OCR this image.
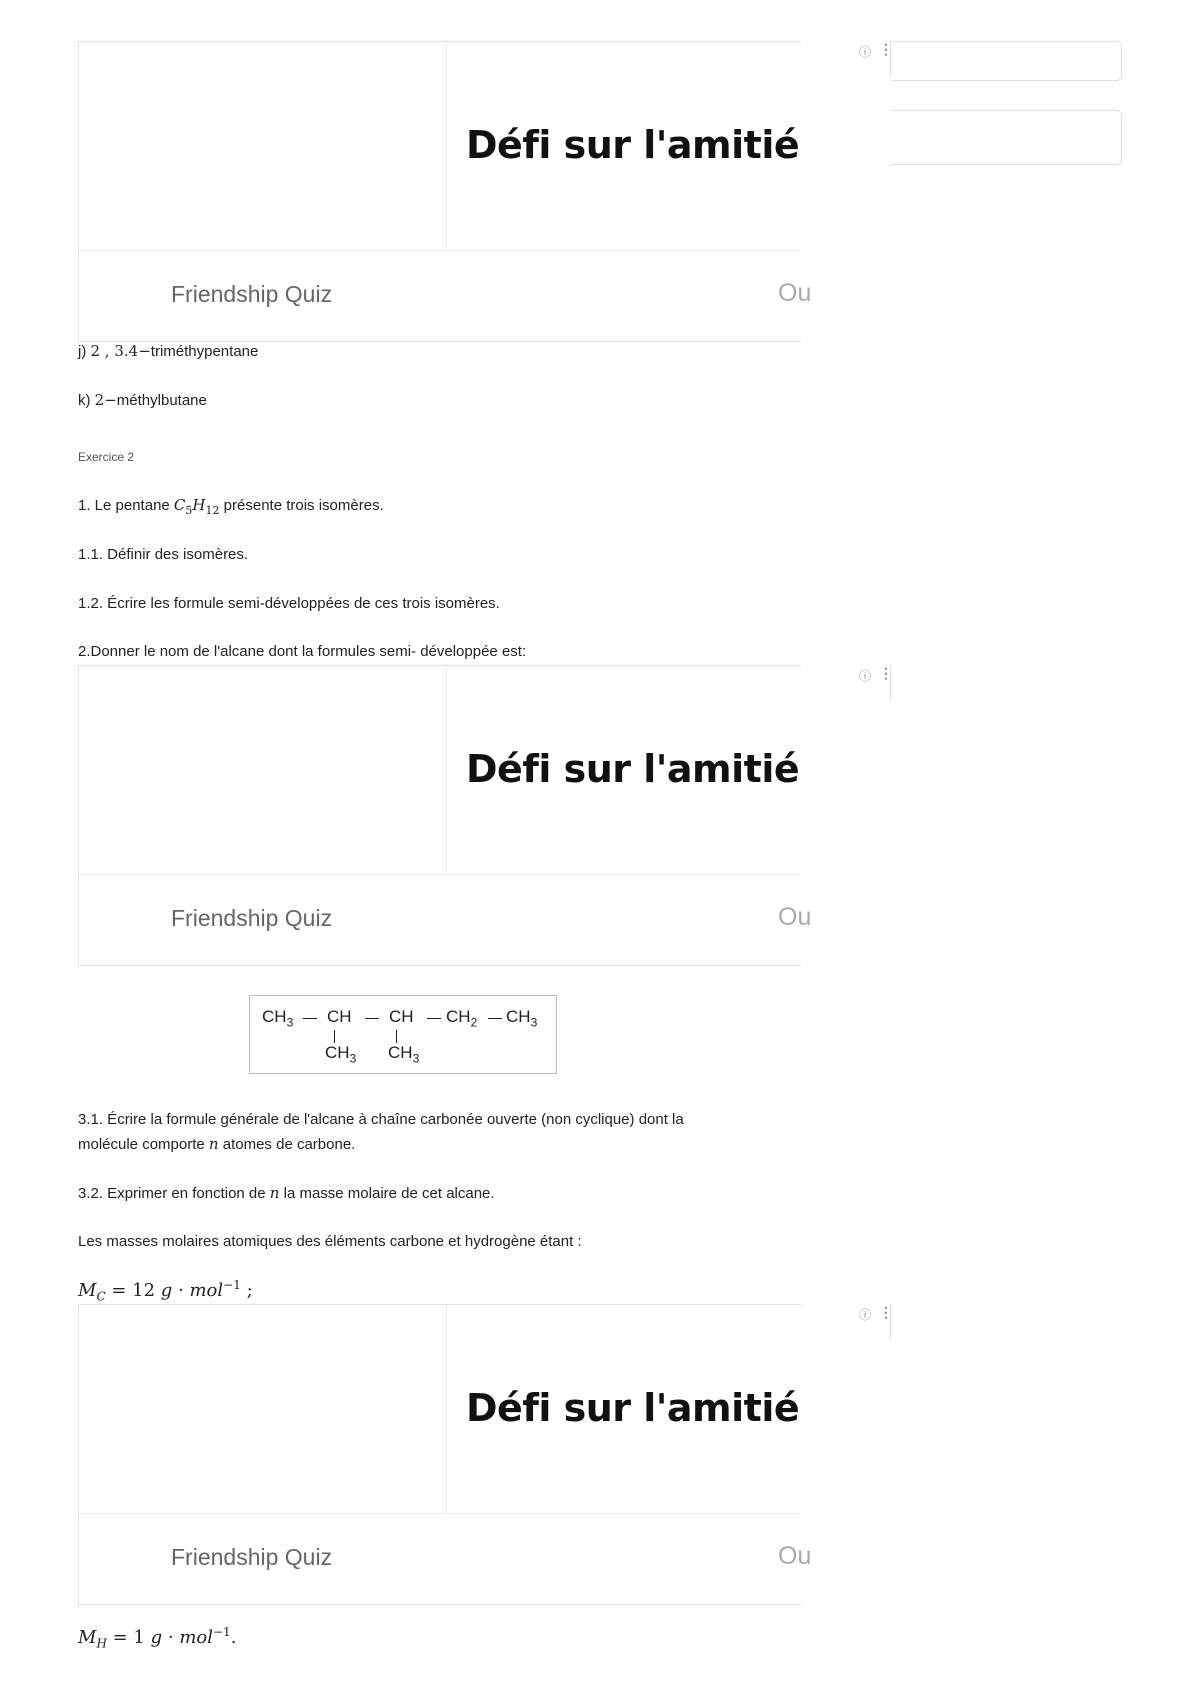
Défi sur l'amitié
Friendship Quiz	Ou
ⓘ ⋮
j) 2 , 3.4−triméthypentane
k) 2−méthylbutane
Exercice 2
1. Le pentane $C_5H_{12}$ présente trois isomères.
1.1. Définir des isomères.
1.2. Écrire les formule semi-développées de ces trois isomères.
2.Donner le nom de l'alcane dont la formules semi- développée est:
Défi sur l'amitié
Friendship Quiz	Ou
ⓘ ⋮
$CH_3$ CH CH $CH_2$ $CH_3$
$CH_3$ $CH_3$
3.1. Écrire la formule générale de l'alcane à chaîne carbonée ouverte (non cyclique) dont la
molécule comporte n atomes de carbone.
3.2. Exprimer en fonction de n la masse molaire de cet alcane.
Les masses molaires atomiques des éléments carbone et hydrogène étant :
$M_C = 12$ g · mol$^{-1}$ ;
Défi sur l'amitié
Friendship Quiz	Ou
ⓘ ⋮
$M_H = 1$ g · mol$^{-1}$.
